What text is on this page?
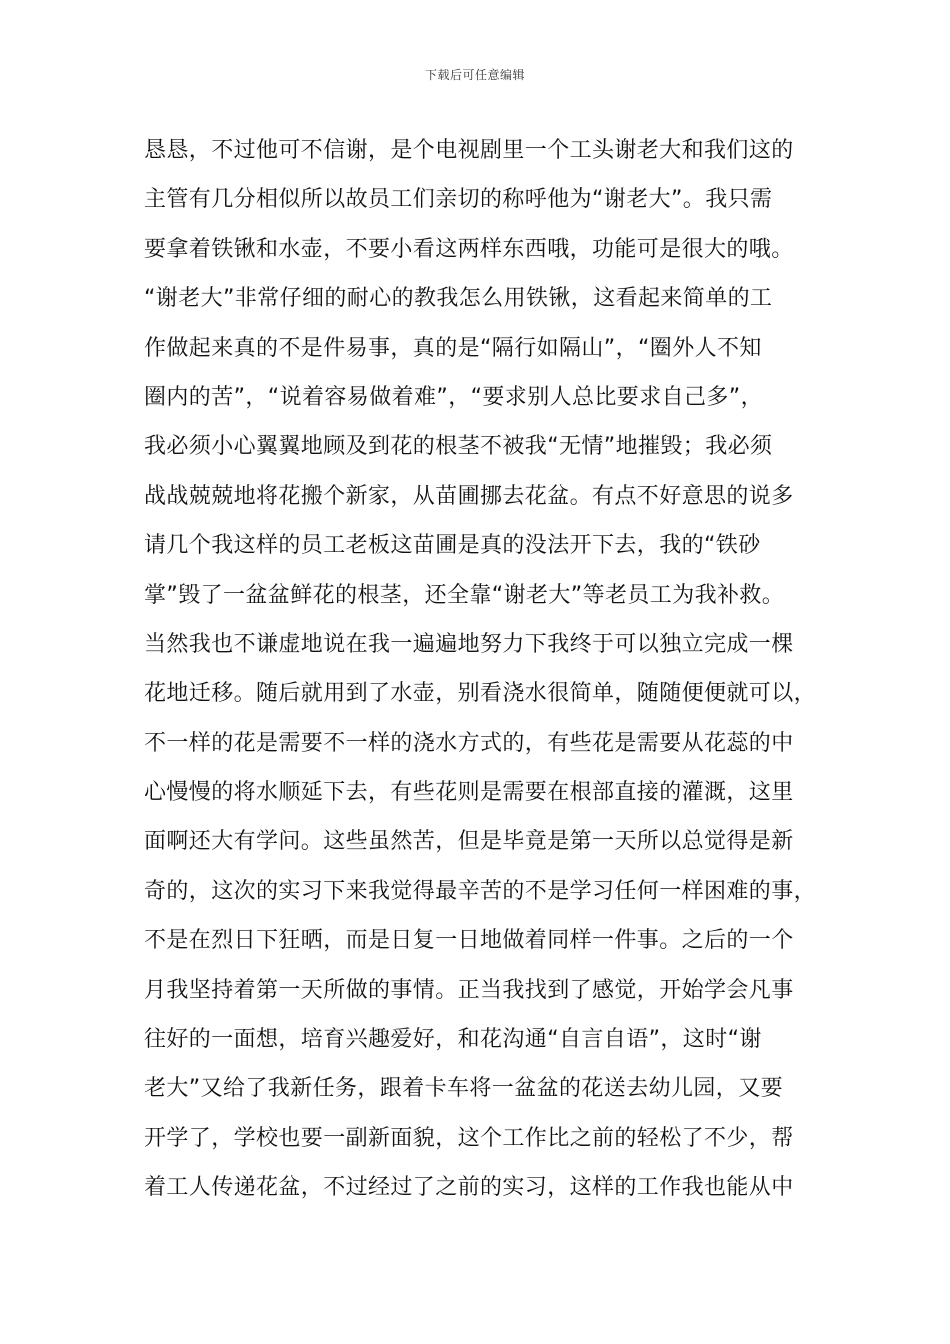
下载后可任意编辑
恳恳，不过他可不信谢，是个电视剧里一个工头谢老大和我们这的
主管有几分相似所以故员工们亲切的称呼他为“谢老大”。我只需
要拿着铁锹和水壶，不要小看这两样东西哦，功能可是很大的哦。
“谢老大”非常仔细的耐心的教我怎么用铁锹，这看起来简单的工
作做起来真的不是件易事，真的是“隔行如隔山”，“圈外人不知
圈内的苦”，“说着容易做着难”，“要求别人总比要求自己多”，
我必须小心翼翼地顾及到花的根茎不被我“无情”地摧毁；我必须
战战兢兢地将花搬个新家，从苗圃挪去花盆。有点不好意思的说多
请几个我这样的员工老板这苗圃是真的没法开下去，我的“铁砂
掌”毁了一盆盆鲜花的根茎，还全靠“谢老大”等老员工为我补救。
当然我也不谦虚地说在我一遍遍地努力下我终于可以独立完成一棵
花地迁移。随后就用到了水壶，别看浇水很简单，随随便便就可以，
不一样的花是需要不一样的浇水方式的，有些花是需要从花蕊的中
心慢慢的将水顺延下去，有些花则是需要在根部直接的灌溉，这里
面啊还大有学问。这些虽然苦，但是毕竟是第一天所以总觉得是新
奇的，这次的实习下来我觉得最辛苦的不是学习任何一样困难的事，
不是在烈日下狂晒，而是日复一日地做着同样一件事。之后的一个
月我坚持着第一天所做的事情。正当我找到了感觉，开始学会凡事
往好的一面想，培育兴趣爱好，和花沟通“自言自语”，这时“谢
老大”又给了我新任务，跟着卡车将一盆盆的花送去幼儿园，又要
开学了，学校也要一副新面貌，这个工作比之前的轻松了不少，帮
着工人传递花盆，不过经过了之前的实习，这样的工作我也能从中
